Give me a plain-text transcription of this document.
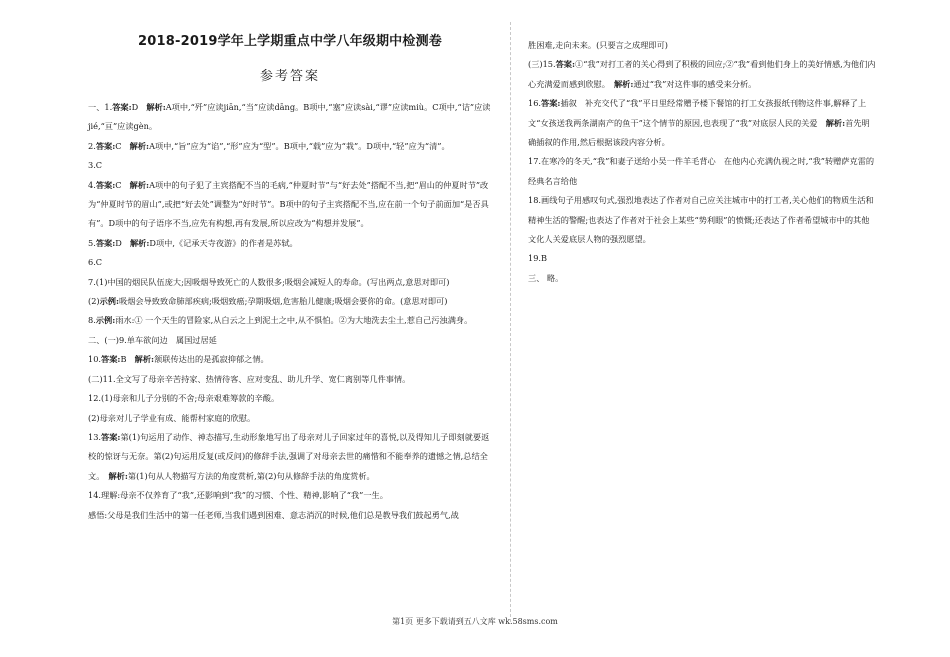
2018-2019学年上学期重点中学八年级期中检测卷
参考答案

一、1.答案:D　解析:A项中,“歼”应读jiān,“当”应读dāng。B项中,“塞”应读sài,“谬”应读miù。C项中,“诘”应读jié,“亘”应读gèn。

2.答案:C　解析:A项中,“旨”应为“谄”,“形”应为“型”。B项中,“载”应为“栽”。D项中,“轻”应为“清”。

3.C

4.答案:C　解析:A项中的句子犯了主宾搭配不当的毛病,“仲夏时节”与“好去处”搭配不当,把“眉山的仲夏时节”改为“仲夏时节的眉山”,或把“好去处”调整为“好时节”。B项中的句子主宾搭配不当,应在前一个句子前面加“是否具有”。D项中的句子语序不当,应先有构想,再有发展,所以应改为“构想并发展”。

5.答案:D　解析:D项中,《记承天寺夜游》的作者是苏轼。

6.C

7.(1)中国的烟民队伍庞大;因吸烟导致死亡的人数很多;吸烟会减短人的寿命。(写出两点,意思对即可)

(2)示例:吸烟会导致致命肺部疾病;吸烟致癌;孕期吸烟,危害胎儿健康;吸烟会要你的命。(意思对即可)

8.示例:雨水:① 一个天生的冒险家,从白云之上到泥土之中,从不惧怕。②为大地洗去尘土,惹自己污浊满身。

二、(一)9.单车欲问边　属国过居延

10.答案:B　解析:颔联传达出的是孤寂抑郁之情。

(二)11.全文写了母亲辛苦持家、热情待客、应对变乱、助儿升学、宽仁离别等几件事情。

12.(1)母亲和儿子分别的不舍;母亲艰难筹款的辛酸。

(2)母亲对儿子学业有成、能帮村家庭的欣慰。

13.答案:第(1)句运用了动作、神态描写,生动形象地写出了母亲对儿子回家过年的喜悦,以及得知儿子即刻就要返校的惊讶与无奈。第(2)句运用反复(或反问)的修辞手法,强调了对母亲去世的痛惜和不能奉养的遗憾之情,总结全文。　解析:第(1)句从人物描写方法的角度赏析,第(2)句从修辞手法的角度赏析。

14.理解:母亲不仅养育了“我”,还影响到“我”的习惯、个性、精神,影响了“我”一生。

感悟:父母是我们生活中的第一任老师,当我们遇到困难、意志消沉的时候,他们总是教导我们鼓起勇气,战

胜困难,走向未来。(只要言之成理即可)

(三)15.答案:①“我”对打工者的关心得到了积极的回应;②“我”看到他们身上的美好情感,为他们内心充满爱而感到欣慰。　解析:通过“我”对这件事的感受来分析。

16.答案:插叙　补充交代了“我”平日里经常赠予楼下餐馆的打工女孩报纸刊物这件事,解释了上文“女孩送我两条湖南产的鱼干”这个情节的原因,也表现了“我”对底层人民的关爱　解析:首先明确插叙的作用,然后根据该段内容分析。

17.在寒冷的冬天,“我”和妻子送给小吴一件羊毛背心　在他内心充满仇视之时,“我”转赠萨克雷的经典名言给他

18.画线句子用感叹句式,强烈地表达了作者对自己应关注城市中的打工者,关心他们的物质生活和精神生活的警醒;也表达了作者对于社会上某些“势利眼”的愤慨;还表达了作者希望城市中的其他文化人关爱底层人物的强烈愿望。

19.B

三、 略。

第1页 更多下载请到五八文库 wk.58sms.com
